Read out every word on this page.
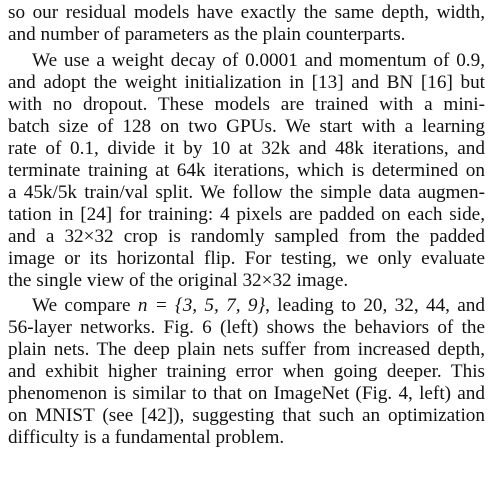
so our residual models have exactly the same depth, width,
and number of parameters as the plain counterparts.
We use a weight decay of 0.0001 and momentum of 0.9,
and adopt the weight initialization in [13] and BN [16] but
with no dropout. These models are trained with a mini-
batch size of 128 on two GPUs. We start with a learning
rate of 0.1, divide it by 10 at 32k and 48k iterations, and
terminate training at 64k iterations, which is determined on
a 45k/5k train/val split. We follow the simple data augmen-
tation in [24] for training: 4 pixels are padded on each side,
and a 32×32 crop is randomly sampled from the padded
image or its horizontal flip. For testing, we only evaluate
the single view of the original 32×32 image.
We compare n = {3, 5, 7, 9}, leading to 20, 32, 44, and
56-layer networks. Fig. 6 (left) shows the behaviors of the
plain nets. The deep plain nets suffer from increased depth,
and exhibit higher training error when going deeper. This
phenomenon is similar to that on ImageNet (Fig. 4, left) and
on MNIST (see [42]), suggesting that such an optimization
difficulty is a fundamental problem.
